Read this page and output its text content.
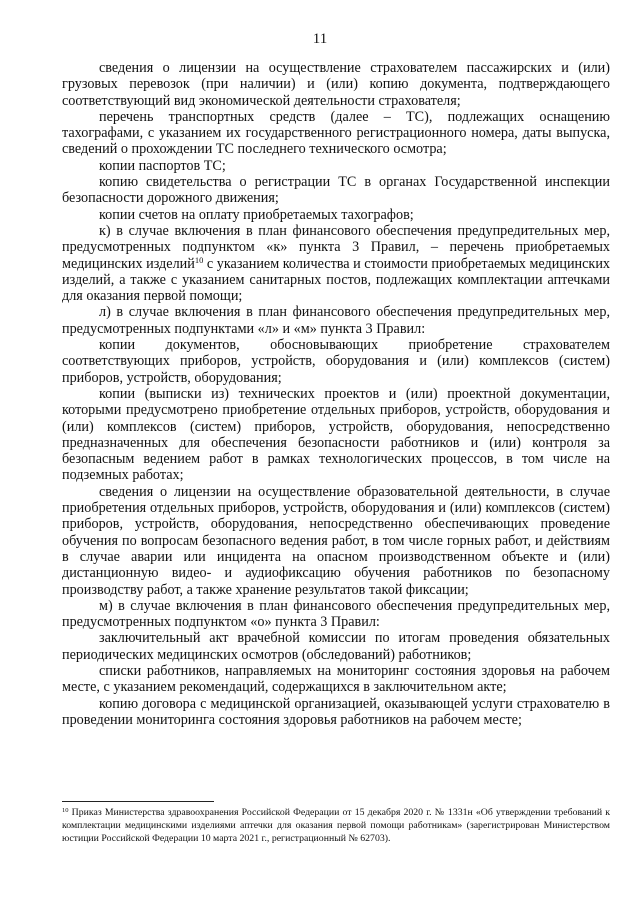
11

сведения о лицензии на осуществление страхователем пассажирских и (или) грузовых перевозок (при наличии) и (или) копию документа, подтверждающего соответствующий вид экономической деятельности страхователя;

перечень транспортных средств (далее – ТС), подлежащих оснащению тахографами, с указанием их государственного регистрационного номера, даты выпуска, сведений о прохождении ТС последнего технического осмотра;

копии паспортов ТС;

копию свидетельства о регистрации ТС в органах Государственной инспекции безопасности дорожного движения;

копии счетов на оплату приобретаемых тахографов;

к) в случае включения в план финансового обеспечения предупредительных мер, предусмотренных подпунктом «к» пункта 3 Правил, – перечень приобретаемых медицинских изделий$^{10}$ с указанием количества и стоимости приобретаемых медицинских изделий, а также с указанием санитарных постов, подлежащих комплектации аптечками для оказания первой помощи;

л) в случае включения в план финансового обеспечения предупредительных мер, предусмотренных подпунктами «л» и «м» пункта 3 Правил:

копии документов, обосновывающих приобретение страхователем соответствующих приборов, устройств, оборудования и (или) комплексов (систем) приборов, устройств, оборудования;

копии (выписки из) технических проектов и (или) проектной документации, которыми предусмотрено приобретение отдельных приборов, устройств, оборудования и (или) комплексов (систем) приборов, устройств, оборудования, непосредственно предназначенных для обеспечения безопасности работников и (или) контроля за безопасным ведением работ в рамках технологических процессов, в том числе на подземных работах;

сведения о лицензии на осуществление образовательной деятельности, в случае приобретения отдельных приборов, устройств, оборудования и (или) комплексов (систем) приборов, устройств, оборудования, непосредственно обеспечивающих проведение обучения по вопросам безопасного ведения работ, в том числе горных работ, и действиям в случае аварии или инцидента на опасном производственном объекте и (или) дистанционную видео- и аудиофиксацию обучения работников по безопасному производству работ, а также хранение результатов такой фиксации;

м) в случае включения в план финансового обеспечения предупредительных мер, предусмотренных подпунктом «о» пункта 3 Правил:

заключительный акт врачебной комиссии по итогам проведения обязательных периодических медицинских осмотров (обследований) работников;

списки работников, направляемых на мониторинг состояния здоровья на рабочем месте, с указанием рекомендаций, содержащихся в заключительном акте;

копию договора с медицинской организацией, оказывающей услуги страхователю в проведении мониторинга состояния здоровья работников на рабочем месте;

$^{10}$ Приказ Министерства здравоохранения Российской Федерации от 15 декабря 2020 г. № 1331н «Об утверждении требований к комплектации медицинскими изделиями аптечки для оказания первой помощи работникам» (зарегистрирован Министерством юстиции Российской Федерации 10 марта 2021 г., регистрационный № 62703).
